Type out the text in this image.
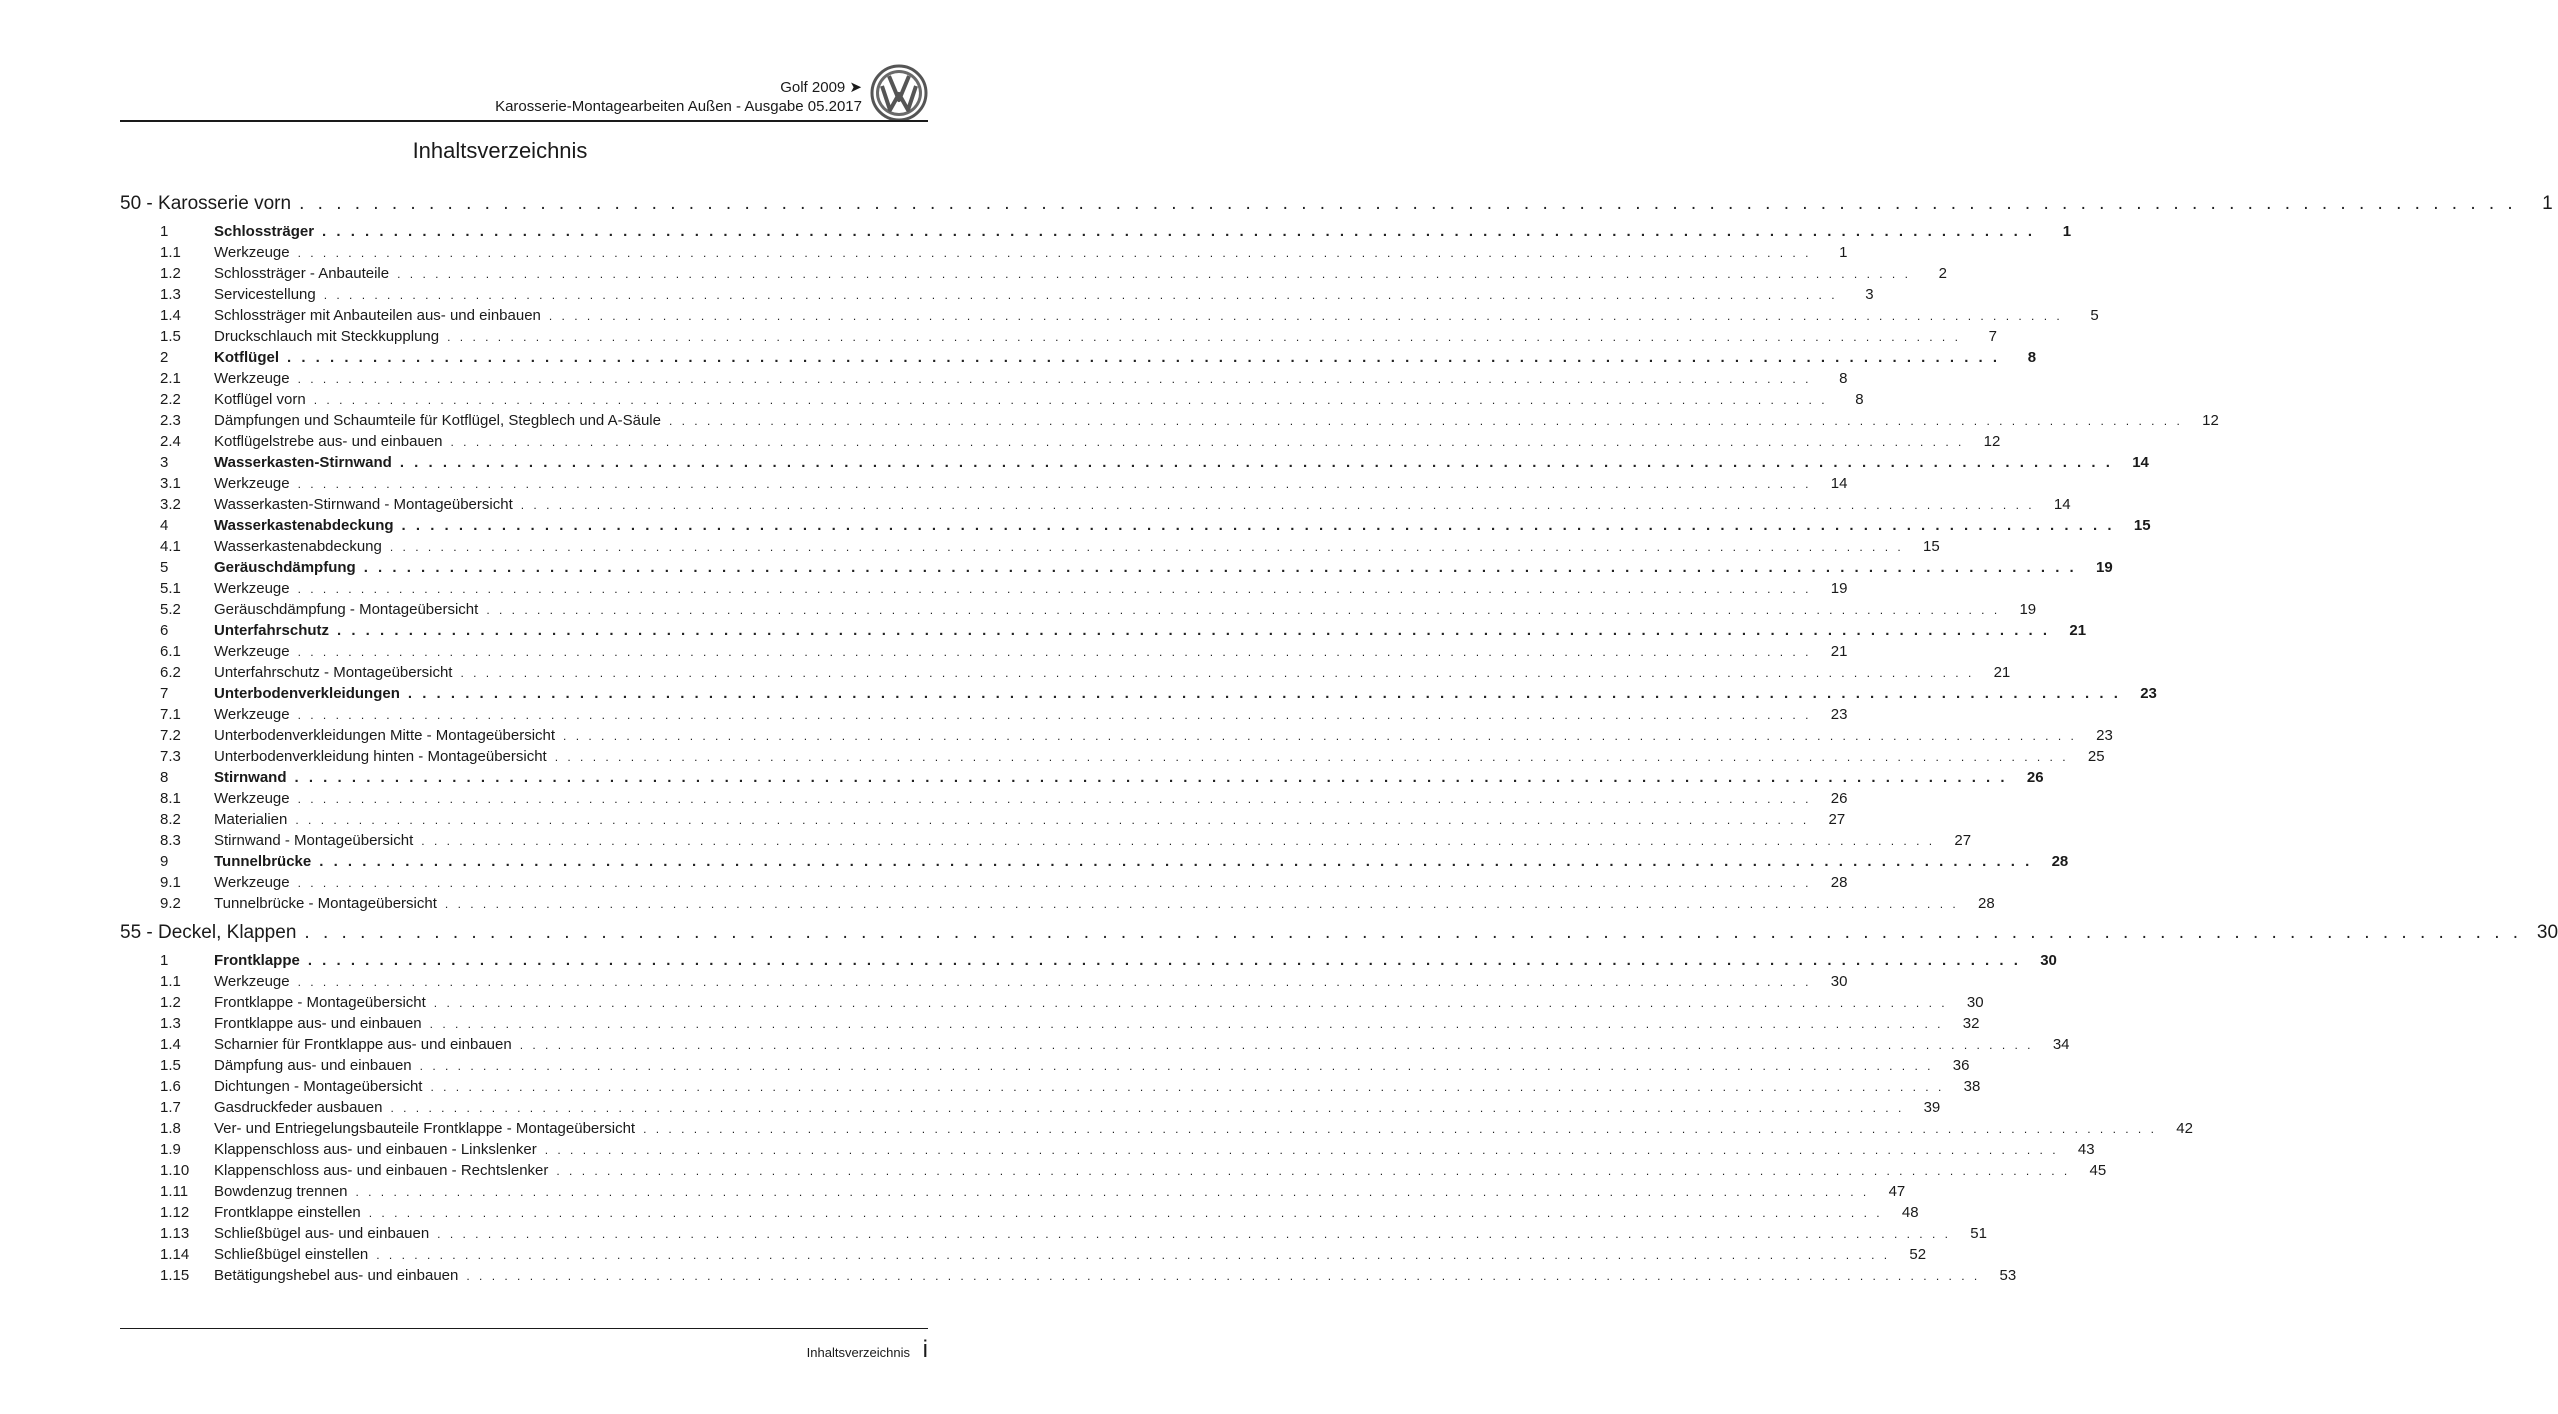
Golf 2009 ➤
Karosserie-Montagearbeiten Außen - Ausgabe 05.2017
Inhaltsverzeichnis
50 - Karosserie vorn . . . . . . . . . . . . . . . . . . . . . . . . . . . . . . . . . . . . . . . . . . . . . . . . . . . . . . . . . . . . . . . . . . . . . . . . . . . . . . . . . . . . . . . . . . . . . . . . . . . . . . . . . . . . . . . . . . . . . . . .	1
1	Schlossträger . . . . . . . . . . . . . . . . . . . . . . . . . . . . . . . . . . . . . . . . . . . . . . . . . . . . . . . . . . . . . . . . . . . . . . . . . . . . . . . . . . . . . . . . . . . . . . . . . . . . . . . . . . . . . . . . . . . . . . . .	1
1.1	Werkzeuge . . . . . . . . . . . . . . . . . . . . . . . . . . . . . . . . . . . . . . . . . . . . . . . . . . . . . . . . . . . . . . . . . . . . . . . . . . . . . . . . . . . . . . . . . . . . . . . . . . . . . . . . . . . . . . . . . . . . . . . .	1
1.2	Schlossträger - Anbauteile . . . . . . . . . . . . . . . . . . . . . . . . . . . . . . . . . . . . . . . . . . . . . . . . . . . . . . . . . . . . . . . . . . . . . . . . . . . . . . . . . . . . . . . . . . . . . . . . . . . . . . . . . . . . . . . . . . . . . . . .	2
1.3	Servicestellung . . . . . . . . . . . . . . . . . . . . . . . . . . . . . . . . . . . . . . . . . . . . . . . . . . . . . . . . . . . . . . . . . . . . . . . . . . . . . . . . . . . . . . . . . . . . . . . . . . . . . . . . . . . . . . . . . . . . . . . .	3
1.4	Schlossträger mit Anbauteilen aus- und einbauen . . . . . . . . . . . . . . . . . . . . . . . . . . . . . . . . . . . . . . . . . . . . . . . . . . . . . . . . . . . . . . . . . . . . . . . . . . . . . . . . . . . . . . . . . . . . . . . . . . . . . . . . . . . . . . . . . . . . . . . .	5
1.5	Druckschlauch mit Steckkupplung . . . . . . . . . . . . . . . . . . . . . . . . . . . . . . . . . . . . . . . . . . . . . . . . . . . . . . . . . . . . . . . . . . . . . . . . . . . . . . . . . . . . . . . . . . . . . . . . . . . . . . . . . . . . . . . . . . . . . . . .	7
2	Kotflügel . . . . . . . . . . . . . . . . . . . . . . . . . . . . . . . . . . . . . . . . . . . . . . . . . . . . . . . . . . . . . . . . . . . . . . . . . . . . . . . . . . . . . . . . . . . . . . . . . . . . . . . . . . . . . . . . . . . . . . . .	8
2.1	Werkzeuge . . . . . . . . . . . . . . . . . . . . . . . . . . . . . . . . . . . . . . . . . . . . . . . . . . . . . . . . . . . . . . . . . . . . . . . . . . . . . . . . . . . . . . . . . . . . . . . . . . . . . . . . . . . . . . . . . . . . . . . .	8
2.2	Kotflügel vorn . . . . . . . . . . . . . . . . . . . . . . . . . . . . . . . . . . . . . . . . . . . . . . . . . . . . . . . . . . . . . . . . . . . . . . . . . . . . . . . . . . . . . . . . . . . . . . . . . . . . . . . . . . . . . . . . . . . . . . . .	8
2.3	Dämpfungen und Schaumteile für Kotflügel, Stegblech und A-Säule . . . . . . . . . . . . . . . . . . . . . . . . . . . . . . . . . . . . . . . . . . . . . . . . . . . . . . . . . . . . . . . . . . . . . . . . . . . . . . . . . . . . . . . . . . . . . . . . . . . . . . . . . . . . . . . . . . . . . . . .	12
2.4	Kotflügelstrebe aus- und einbauen . . . . . . . . . . . . . . . . . . . . . . . . . . . . . . . . . . . . . . . . . . . . . . . . . . . . . . . . . . . . . . . . . . . . . . . . . . . . . . . . . . . . . . . . . . . . . . . . . . . . . . . . . . . . . . . . . . . . . . . .	12
3	Wasserkasten-Stirnwand . . . . . . . . . . . . . . . . . . . . . . . . . . . . . . . . . . . . . . . . . . . . . . . . . . . . . . . . . . . . . . . . . . . . . . . . . . . . . . . . . . . . . . . . . . . . . . . . . . . . . . . . . . . . . . . . . . . . . . . .	14
3.1	Werkzeuge . . . . . . . . . . . . . . . . . . . . . . . . . . . . . . . . . . . . . . . . . . . . . . . . . . . . . . . . . . . . . . . . . . . . . . . . . . . . . . . . . . . . . . . . . . . . . . . . . . . . . . . . . . . . . . . . . . . . . . . .	14
3.2	Wasserkasten-Stirnwand - Montageübersicht . . . . . . . . . . . . . . . . . . . . . . . . . . . . . . . . . . . . . . . . . . . . . . . . . . . . . . . . . . . . . . . . . . . . . . . . . . . . . . . . . . . . . . . . . . . . . . . . . . . . . . . . . . . . . . . . . . . . . . . .	14
4	Wasserkastenabdeckung . . . . . . . . . . . . . . . . . . . . . . . . . . . . . . . . . . . . . . . . . . . . . . . . . . . . . . . . . . . . . . . . . . . . . . . . . . . . . . . . . . . . . . . . . . . . . . . . . . . . . . . . . . . . . . . . . . . . . . . .	15
4.1	Wasserkastenabdeckung . . . . . . . . . . . . . . . . . . . . . . . . . . . . . . . . . . . . . . . . . . . . . . . . . . . . . . . . . . . . . . . . . . . . . . . . . . . . . . . . . . . . . . . . . . . . . . . . . . . . . . . . . . . . . . . . . . . . . . . .	15
5	Geräuschdämpfung . . . . . . . . . . . . . . . . . . . . . . . . . . . . . . . . . . . . . . . . . . . . . . . . . . . . . . . . . . . . . . . . . . . . . . . . . . . . . . . . . . . . . . . . . . . . . . . . . . . . . . . . . . . . . . . . . . . . . . . .	19
5.1	Werkzeuge . . . . . . . . . . . . . . . . . . . . . . . . . . . . . . . . . . . . . . . . . . . . . . . . . . . . . . . . . . . . . . . . . . . . . . . . . . . . . . . . . . . . . . . . . . . . . . . . . . . . . . . . . . . . . . . . . . . . . . . .	19
5.2	Geräuschdämpfung - Montageübersicht . . . . . . . . . . . . . . . . . . . . . . . . . . . . . . . . . . . . . . . . . . . . . . . . . . . . . . . . . . . . . . . . . . . . . . . . . . . . . . . . . . . . . . . . . . . . . . . . . . . . . . . . . . . . . . . . . . . . . . . .	19
6	Unterfahrschutz . . . . . . . . . . . . . . . . . . . . . . . . . . . . . . . . . . . . . . . . . . . . . . . . . . . . . . . . . . . . . . . . . . . . . . . . . . . . . . . . . . . . . . . . . . . . . . . . . . . . . . . . . . . . . . . . . . . . . . . .	21
6.1	Werkzeuge . . . . . . . . . . . . . . . . . . . . . . . . . . . . . . . . . . . . . . . . . . . . . . . . . . . . . . . . . . . . . . . . . . . . . . . . . . . . . . . . . . . . . . . . . . . . . . . . . . . . . . . . . . . . . . . . . . . . . . . .	21
6.2	Unterfahrschutz - Montageübersicht . . . . . . . . . . . . . . . . . . . . . . . . . . . . . . . . . . . . . . . . . . . . . . . . . . . . . . . . . . . . . . . . . . . . . . . . . . . . . . . . . . . . . . . . . . . . . . . . . . . . . . . . . . . . . . . . . . . . . . . .	21
7	Unterbodenverkleidungen . . . . . . . . . . . . . . . . . . . . . . . . . . . . . . . . . . . . . . . . . . . . . . . . . . . . . . . . . . . . . . . . . . . . . . . . . . . . . . . . . . . . . . . . . . . . . . . . . . . . . . . . . . . . . . . . . . . . . . . .	23
7.1	Werkzeuge . . . . . . . . . . . . . . . . . . . . . . . . . . . . . . . . . . . . . . . . . . . . . . . . . . . . . . . . . . . . . . . . . . . . . . . . . . . . . . . . . . . . . . . . . . . . . . . . . . . . . . . . . . . . . . . . . . . . . . . .	23
7.2	Unterbodenverkleidungen Mitte - Montageübersicht . . . . . . . . . . . . . . . . . . . . . . . . . . . . . . . . . . . . . . . . . . . . . . . . . . . . . . . . . . . . . . . . . . . . . . . . . . . . . . . . . . . . . . . . . . . . . . . . . . . . . . . . . . . . . . . . . . . . . . . .	23
7.3	Unterbodenverkleidung hinten - Montageübersicht . . . . . . . . . . . . . . . . . . . . . . . . . . . . . . . . . . . . . . . . . . . . . . . . . . . . . . . . . . . . . . . . . . . . . . . . . . . . . . . . . . . . . . . . . . . . . . . . . . . . . . . . . . . . . . . . . . . . . . . .	25
8	Stirnwand . . . . . . . . . . . . . . . . . . . . . . . . . . . . . . . . . . . . . . . . . . . . . . . . . . . . . . . . . . . . . . . . . . . . . . . . . . . . . . . . . . . . . . . . . . . . . . . . . . . . . . . . . . . . . . . . . . . . . . . .	26
8.1	Werkzeuge . . . . . . . . . . . . . . . . . . . . . . . . . . . . . . . . . . . . . . . . . . . . . . . . . . . . . . . . . . . . . . . . . . . . . . . . . . . . . . . . . . . . . . . . . . . . . . . . . . . . . . . . . . . . . . . . . . . . . . . .	26
8.2	Materialien . . . . . . . . . . . . . . . . . . . . . . . . . . . . . . . . . . . . . . . . . . . . . . . . . . . . . . . . . . . . . . . . . . . . . . . . . . . . . . . . . . . . . . . . . . . . . . . . . . . . . . . . . . . . . . . . . . . . . . . .	27
8.3	Stirnwand - Montageübersicht . . . . . . . . . . . . . . . . . . . . . . . . . . . . . . . . . . . . . . . . . . . . . . . . . . . . . . . . . . . . . . . . . . . . . . . . . . . . . . . . . . . . . . . . . . . . . . . . . . . . . . . . . . . . . . . . . . . . . . . .	27
9	Tunnelbrücke . . . . . . . . . . . . . . . . . . . . . . . . . . . . . . . . . . . . . . . . . . . . . . . . . . . . . . . . . . . . . . . . . . . . . . . . . . . . . . . . . . . . . . . . . . . . . . . . . . . . . . . . . . . . . . . . . . . . . . . .	28
9.1	Werkzeuge . . . . . . . . . . . . . . . . . . . . . . . . . . . . . . . . . . . . . . . . . . . . . . . . . . . . . . . . . . . . . . . . . . . . . . . . . . . . . . . . . . . . . . . . . . . . . . . . . . . . . . . . . . . . . . . . . . . . . . . .	28
9.2	Tunnelbrücke - Montageübersicht . . . . . . . . . . . . . . . . . . . . . . . . . . . . . . . . . . . . . . . . . . . . . . . . . . . . . . . . . . . . . . . . . . . . . . . . . . . . . . . . . . . . . . . . . . . . . . . . . . . . . . . . . . . . . . . . . . . . . . . .	28
55 - Deckel, Klappen . . . . . . . . . . . . . . . . . . . . . . . . . . . . . . . . . . . . . . . . . . . . . . . . . . . . . . . . . . . . . . . . . . . . . . . . . . . . . . . . . . . . . . . . . . . . . . . . . . . . . . . . . . . . . . . . . . . . . . . . 30
1	Frontklappe . . . . . . . . . . . . . . . . . . . . . . . . . . . . . . . . . . . . . . . . . . . . . . . . . . . . . . . . . . . . . . . . . . . . . . . . . . . . . . . . . . . . . . . . . . . . . . . . . . . . . . . . . . . . . . . . . . . . . . . .	30
1.1	Werkzeuge . . . . . . . . . . . . . . . . . . . . . . . . . . . . . . . . . . . . . . . . . . . . . . . . . . . . . . . . . . . . . . . . . . . . . . . . . . . . . . . . . . . . . . . . . . . . . . . . . . . . . . . . . . . . . . . . . . . . . . . .	30
1.2	Frontklappe - Montageübersicht . . . . . . . . . . . . . . . . . . . . . . . . . . . . . . . . . . . . . . . . . . . . . . . . . . . . . . . . . . . . . . . . . . . . . . . . . . . . . . . . . . . . . . . . . . . . . . . . . . . . . . . . . . . . . . . . . . . . . . . .	30
1.3	Frontklappe aus- und einbauen . . . . . . . . . . . . . . . . . . . . . . . . . . . . . . . . . . . . . . . . . . . . . . . . . . . . . . . . . . . . . . . . . . . . . . . . . . . . . . . . . . . . . . . . . . . . . . . . . . . . . . . . . . . . . . . . . . . . . . . .	32
1.4	Scharnier für Frontklappe aus- und einbauen . . . . . . . . . . . . . . . . . . . . . . . . . . . . . . . . . . . . . . . . . . . . . . . . . . . . . . . . . . . . . . . . . . . . . . . . . . . . . . . . . . . . . . . . . . . . . . . . . . . . . . . . . . . . . . . . . . . . . . . .	34
1.5	Dämpfung aus- und einbauen . . . . . . . . . . . . . . . . . . . . . . . . . . . . . . . . . . . . . . . . . . . . . . . . . . . . . . . . . . . . . . . . . . . . . . . . . . . . . . . . . . . . . . . . . . . . . . . . . . . . . . . . . . . . . . . . . . . . . . . .	36
1.6	Dichtungen - Montageübersicht . . . . . . . . . . . . . . . . . . . . . . . . . . . . . . . . . . . . . . . . . . . . . . . . . . . . . . . . . . . . . . . . . . . . . . . . . . . . . . . . . . . . . . . . . . . . . . . . . . . . . . . . . . . . . . . . . . . . . . . .	38
1.7	Gasdruckfeder ausbauen . . . . . . . . . . . . . . . . . . . . . . . . . . . . . . . . . . . . . . . . . . . . . . . . . . . . . . . . . . . . . . . . . . . . . . . . . . . . . . . . . . . . . . . . . . . . . . . . . . . . . . . . . . . . . . . . . . . . . . . .	39
1.8	Ver- und Entriegelungsbauteile Frontklappe - Montageübersicht . . . . . . . . . . . . . . . . . . . . . . . . . . . . . . . . . . . . . . . . . . . . . . . . . . . . . . . . . . . . . . . . . . . . . . . . . . . . . . . . . . . . . . . . . . . . . . . . . . . . . . . . . . . . . . . . . . . . . . . .	42
1.9	Klappenschloss aus- und einbauen - Linkslenker . . . . . . . . . . . . . . . . . . . . . . . . . . . . . . . . . . . . . . . . . . . . . . . . . . . . . . . . . . . . . . . . . . . . . . . . . . . . . . . . . . . . . . . . . . . . . . . . . . . . . . . . . . . . . . . . . . . . . . . .	43
1.10	Klappenschloss aus- und einbauen - Rechtslenker . . . . . . . . . . . . . . . . . . . . . . . . . . . . . . . . . . . . . . . . . . . . . . . . . . . . . . . . . . . . . . . . . . . . . . . . . . . . . . . . . . . . . . . . . . . . . . . . . . . . . . . . . . . . . . . . . . . . . . . .	45
1.11	Bowdenzug trennen . . . . . . . . . . . . . . . . . . . . . . . . . . . . . . . . . . . . . . . . . . . . . . . . . . . . . . . . . . . . . . . . . . . . . . . . . . . . . . . . . . . . . . . . . . . . . . . . . . . . . . . . . . . . . . . . . . . . . . . .	47
1.12	Frontklappe einstellen . . . . . . . . . . . . . . . . . . . . . . . . . . . . . . . . . . . . . . . . . . . . . . . . . . . . . . . . . . . . . . . . . . . . . . . . . . . . . . . . . . . . . . . . . . . . . . . . . . . . . . . . . . . . . . . . . . . . . . . .	48
1.13	Schließbügel aus- und einbauen . . . . . . . . . . . . . . . . . . . . . . . . . . . . . . . . . . . . . . . . . . . . . . . . . . . . . . . . . . . . . . . . . . . . . . . . . . . . . . . . . . . . . . . . . . . . . . . . . . . . . . . . . . . . . . . . . . . . . . . .	51
1.14	Schließbügel einstellen . . . . . . . . . . . . . . . . . . . . . . . . . . . . . . . . . . . . . . . . . . . . . . . . . . . . . . . . . . . . . . . . . . . . . . . . . . . . . . . . . . . . . . . . . . . . . . . . . . . . . . . . . . . . . . . . . . . . . . . .	52
1.15	Betätigungshebel aus- und einbauen . . . . . . . . . . . . . . . . . . . . . . . . . . . . . . . . . . . . . . . . . . . . . . . . . . . . . . . . . . . . . . . . . . . . . . . . . . . . . . . . . . . . . . . . . . . . . . . . . . . . . . . . . . . . . . . . . . . . . . . .	53
Inhaltsverzeichnis i
